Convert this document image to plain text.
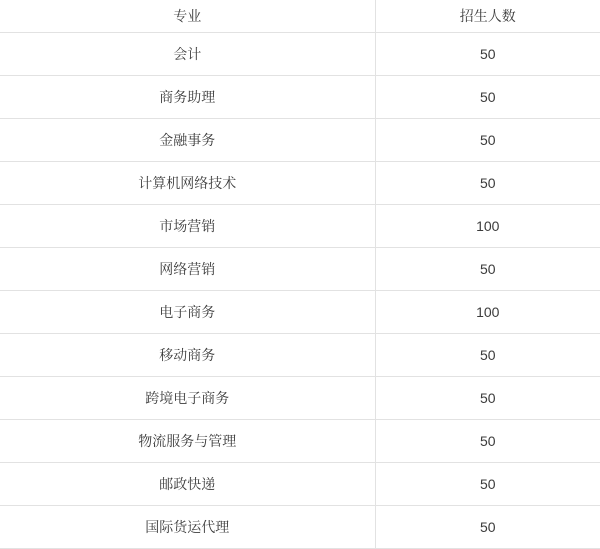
专业	招生人数
会计	50
商务助理	50
金融事务	50
计算机网络技术	50
市场营销	100
网络营销	50
电子商务	100
移动商务	50
跨境电子商务	50
物流服务与管理	50
邮政快递	50
国际货运代理	50
